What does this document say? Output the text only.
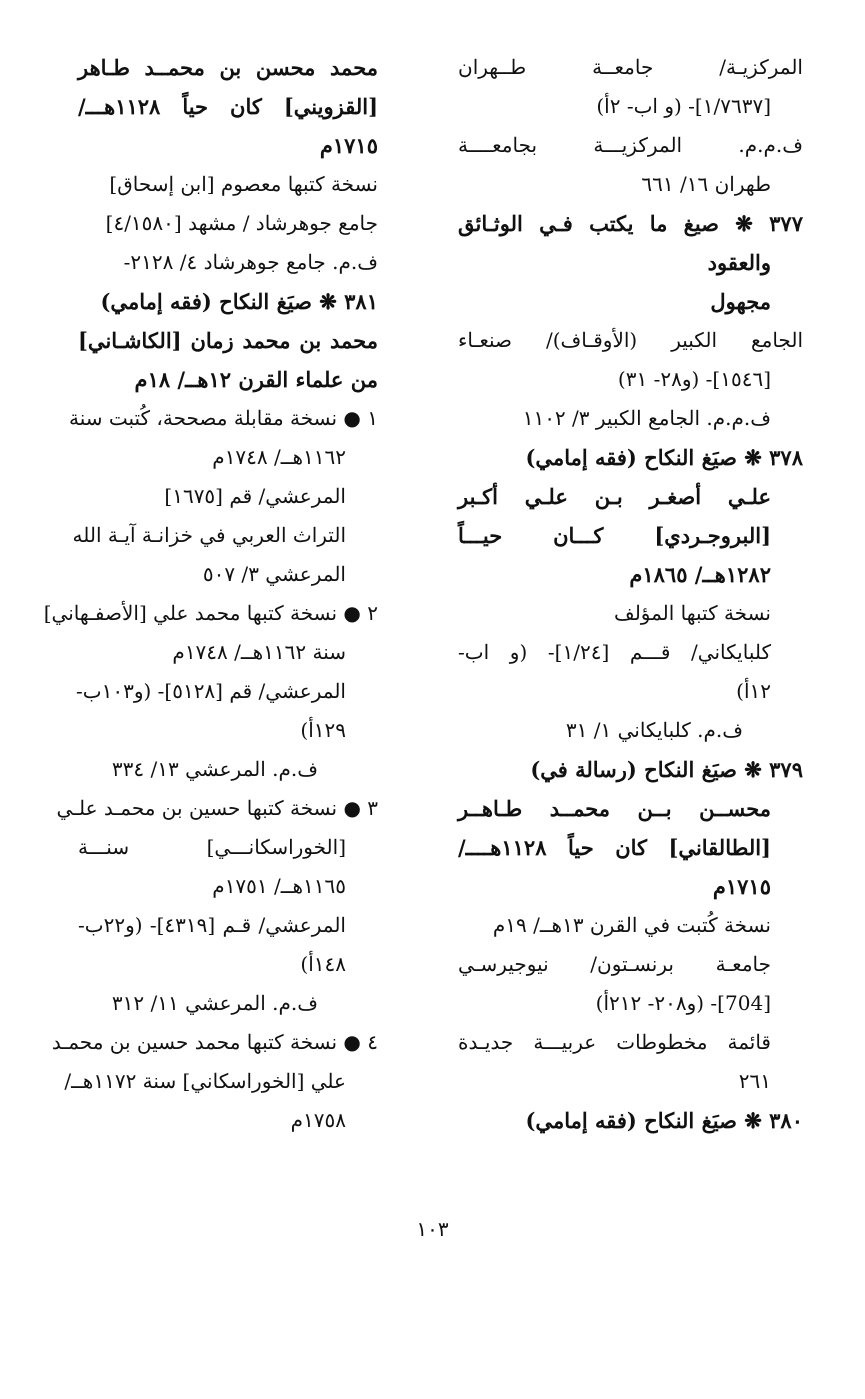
المركزيـة/ جامعــة طــهران
[١/٧٦٣٧]- (و اب- ٢أ)
ف.م.م. المركزيـــة بجامعــــة
طهران ١٦/ ٦٦١
٣٧٧ ❋ صيغ ما يكتب فـي الوثـائق
والعقود
مجهول
الجامع الكبير (الأوقـاف)/ صنعـاء
[١٥٤٦]- (و٢٨- ٣١)
ف.م.م. الجامع الكبير ٣/ ١١٠٢
٣٧٨ ❋ صيَغ النكاح (فقه إمامي)
علـي أصغـر بـن علـي أكـبر
[البروجـردي] كـــان حيـــاً
١٢٨٢هــ/ ١٨٦٥م
نسخة كتبها المؤلف
كلبايكاني/ قـــم [١/٢٤]- (و اب-
١٢أ)
ف.م. كلبايكاني ١/ ٣١
٣٧٩ ❋ صيَغ النكاح (رسالة في)
محســن بــن محمــد طـاهــر
[الطالقاني] كان حياً ١١٢٨هــــ/
١٧١٥م
نسخة كُتبت في القرن ١٣هــ/ ١٩م
جامعـة برنسـتون/ نيوجيرسـي
[704]- (و٢٠٨- ٢١٢أ)
قائمة مخطوطات عربيـــة جديـدة
٢٦١
٣٨٠ ❋ صيَغ النكاح (فقه إمامي)
محمد محسن بن محمــد طـاهر
[القزويني] كان حياً ١١٢٨هـــ/
١٧١٥م
نسخة كتبها معصوم [ابن إسحاق]
جامع جوهرشاد / مشهد [٤/١٥٨٠]
ف.م. جامع جوهرشاد ٤/ ٢١٢٨-
٣٨١ ❋ صيَغ النكاح (فقه إمامي)
محمد بن محمد زمان [الكاشـاني]
من علماء القرن ١٢هــ/ ١٨م
١ ● نسخة مقابلة مصححة، كُتبت سنة
١١٦٢هــ/ ١٧٤٨م
المرعشي/ قم [١٦٧٥]
التراث العربي في خزانـة آيـة الله
المرعشي ٣/ ٥٠٧
٢ ● نسخة كتبها محمد علي [الأصفـهاني]
سنة ١١٦٢هــ/ ١٧٤٨م
المرعشي/ قم [٥١٢٨]- (و١٠٣ب-
١٢٩أ)
ف.م. المرعشي ١٣/ ٣٣٤
٣ ● نسخة كتبها حسين بن محمـد علـي
[الخوراسكانـــي] سنـــة
١١٦٥هــ/ ١٧٥١م
المرعشي/ قـم [٤٣١٩]- (و٢٢ب-
١٤٨أ)
ف.م. المرعشي ١١/ ٣١٢
٤ ● نسخة كتبها محمد حسين بن محمـد
علي [الخوراسكاني] سنة ١١٧٢هــ/
١٧٥٨م
١٠٣
